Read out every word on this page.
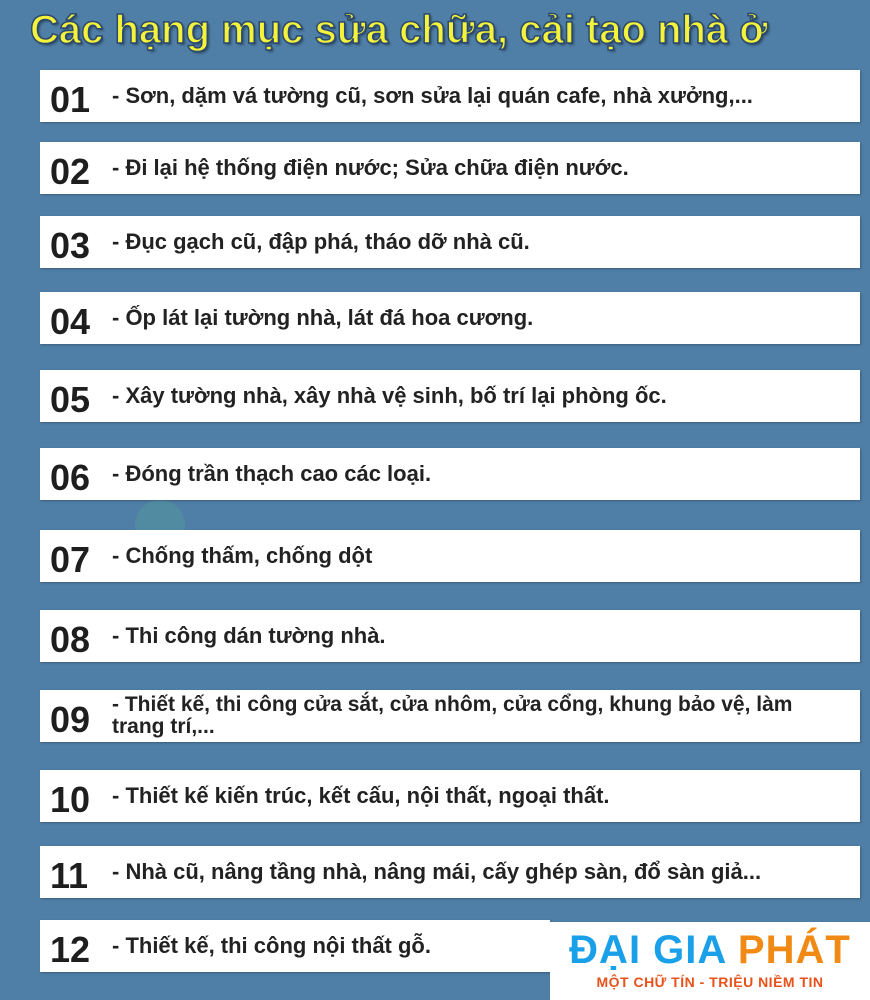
Các hạng mục sửa chữa, cải tạo nhà ở
01 - Sơn, dặm vá tường cũ, sơn sửa lại quán cafe, nhà xưởng,...
02 - Đi lại hệ thống điện nước; Sửa chữa điện nước.
03 - Đục gạch cũ, đập phá, tháo dỡ nhà cũ.
04 - Ốp lát lại tường nhà, lát đá hoa cương.
05 - Xây tường nhà, xây nhà vệ sinh, bố trí lại phòng ốc.
06 - Đóng trần thạch cao các loại.
07 - Chống thấm, chống dột
08 - Thi công dán tường nhà.
09	- Thiết kế, thi công cửa sắt, cửa nhôm, cửa cổng, khung bảo vệ, làm trang trí,...
10 - Thiết kế kiến trúc, kết cấu, nội thất, ngoại thất.
11	- Nhà cũ, nâng tầng nhà, nâng mái, cấy ghép sàn, đổ sàn giả...
12 - Thiết kế, thi công nội thất gỗ.	ĐẠI GIA PHÁT
MỘT CHỮ TÍN - TRIỆU NIỀM TIN
